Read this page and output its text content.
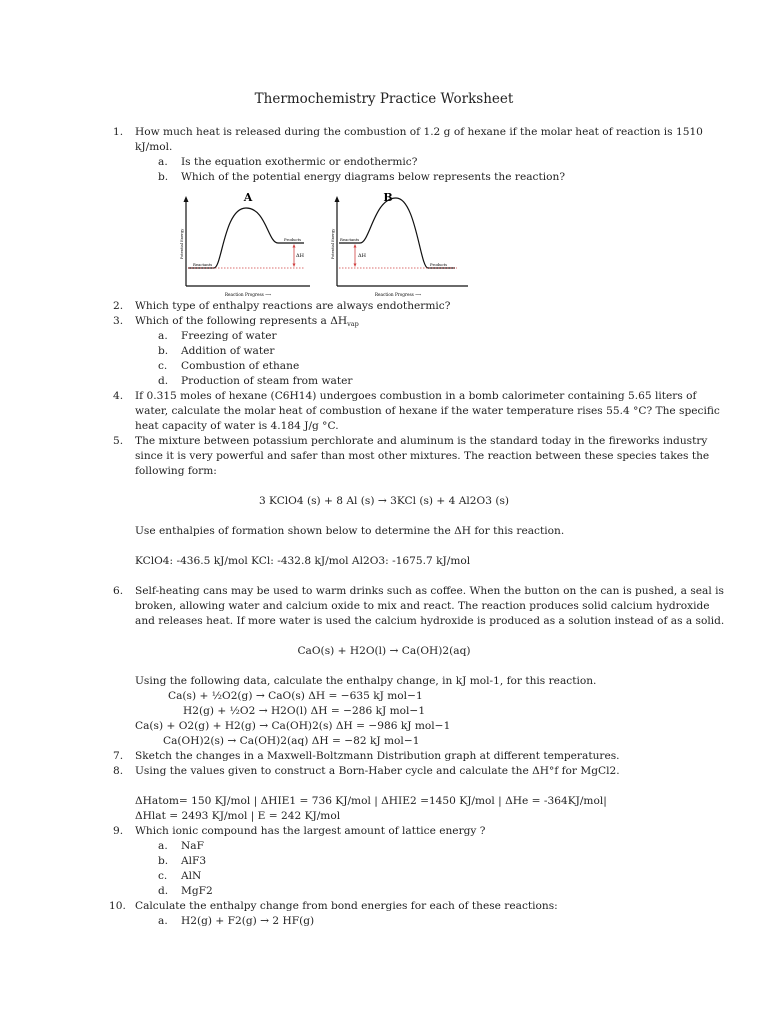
Thermochemistry Practice Worksheet
1. How much heat is released during the combustion of 1.2 g of hexane if the molar heat of reaction is 1510
kJ/mol.
a. Is the equation exothermic or endothermic?
b. Which of the potential energy diagrams below represents the reaction?
A
Potential Energy
Reactants
Products
ΔH
B
Potential Energy Reactants
Products
ΔH
Reaction Progress ⟶	Reaction Progress ⟶
2. Which type of enthalpy reactions are always endothermic?
3. Which of the following represents a $\Delta H_{vap}$
a. Freezing of water
b. Addition of water
c. Combustion of ethane
d. Production of steam from water
4. If 0.315 moles of hexane (C6H14) undergoes combustion in a bomb calorimeter containing 5.65 liters of
water, calculate the molar heat of combustion of hexane if the water temperature rises 55.4 °C? The specific
heat capacity of water is 4.184 J/g °C.
5. The mixture between potassium perchlorate and aluminum is the standard today in the fireworks industry
since it is very powerful and safer than most other mixtures. The reaction between these species takes the
following form:
3 KClO4 (s) + 8 Al (s) → 3KCl (s) + 4 Al2O3 (s)
Use enthalpies of formation shown below to determine the ΔH for this reaction.
KClO4: -436.5 kJ/mol KCl: -432.8 kJ/mol Al2O3: -1675.7 kJ/mol
6. Self-heating cans may be used to warm drinks such as coffee. When the button on the can is pushed, a seal is
broken, allowing water and calcium oxide to mix and react. The reaction produces solid calcium hydroxide
and releases heat. If more water is used the calcium hydroxide is produced as a solution instead of as a solid.
CaO(s) + H2O(l) → Ca(OH)2(aq)
Using the following data, calculate the enthalpy change, in kJ mol-1, for this reaction.
Ca(s) + ½O2(g) → CaO(s) ΔH = −635 kJ mol−1
H2(g) + ½O2 → H2O(l) ΔH = −286 kJ mol−1
Ca(s) + O2(g) + H2(g) → Ca(OH)2(s) ΔH = −986 kJ mol−1
Ca(OH)2(s) → Ca(OH)2(aq) ΔH = −82 kJ mol−1
7. Sketch the changes in a Maxwell-Boltzmann Distribution graph at different temperatures.
8. Using the values given to construct a Born-Haber cycle and calculate the ΔH°f for MgCl2.
ΔHatom= 150 KJ/mol | ΔHIE1 = 736 KJ/mol | ΔHIE2 =1450 KJ/mol | ΔHe = -364KJ/mol|
ΔHlat = 2493 KJ/mol | E = 242 KJ/mol
9. Which ionic compound has the largest amount of lattice energy ?
a. NaF
b. AlF3
c. AlN
d. MgF2
10. Calculate the enthalpy change from bond energies for each of these reactions:
a. H2(g) + F2(g) → 2 HF(g)
